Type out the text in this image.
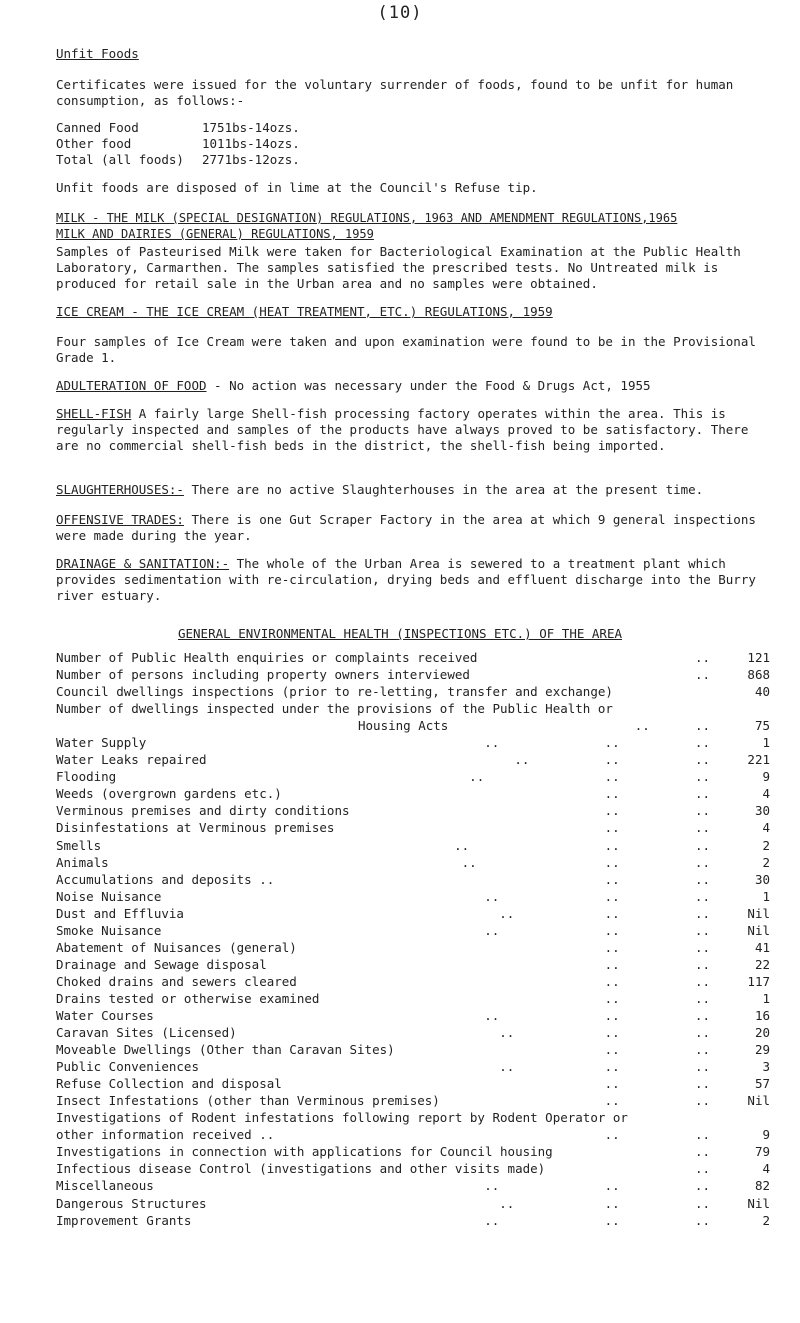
(10)
Unfit Foods

Certificates were issued for the voluntary surrender of foods, found to be unfit for human consumption, as follows:-

Canned Food	1751bs-14ozs.
Other food	1011bs-14ozs.
Total (all foods)	2771bs-12ozs.

Unfit foods are disposed of in lime at the Council's Refuse tip.

MILK - THE MILK (SPECIAL DESIGNATION) REGULATIONS, 1963 AND AMENDMENT REGULATIONS,1965
MILK AND DAIRIES (GENERAL) REGULATIONS, 1959

Samples of Pasteurised Milk were taken for Bacteriological Examination at the Public Health Laboratory, Carmarthen. The samples satisfied the prescribed tests. No Untreated milk is produced for retail sale in the Urban area and no samples were obtained.

ICE CREAM - THE ICE CREAM (HEAT TREATMENT, ETC.) REGULATIONS, 1959

Four samples of Ice Cream were taken and upon examination were found to be in the Provisional Grade 1.

ADULTERATION OF FOOD - No action was necessary under the Food & Drugs Act, 1955

SHELL-FISH A fairly large Shell-fish processing factory operates within the area. This is regularly inspected and samples of the products have always proved to be satisfactory. There are no commercial shell-fish beds in the district, the shell-fish being imported.

SLAUGHTERHOUSES:- There are no active Slaughterhouses in the area at the present time.

OFFENSIVE TRADES: There is one Gut Scraper Factory in the area at which 9 general inspections were made during the year.

DRAINAGE & SANITATION:- The whole of the Urban Area is sewered to a treatment plant which provides sedimentation with re-circulation, drying beds and effluent discharge into the Burry river estuary.

GENERAL ENVIRONMENTAL HEALTH (INSPECTIONS ETC.) OF THE AREA
Number of Public Health enquiries or complaints received	..	121
Number of persons including property owners interviewed	..	868
Council dwellings inspections (prior to re-letting, transfer and exchange)	40
Number of dwellings inspected under the provisions of the Public Health or
Housing Acts	..      ..	75
Water Supply	..              ..          ..	1
Water Leaks repaired	..          ..          ..	221
Flooding	..                ..          ..	9
Weeds (overgrown gardens etc.)	..          ..	4
Verminous premises and dirty conditions	..          ..	30
Disinfestations at Verminous premises	..          ..	4
Smells	..                  ..          ..	2
Animals	..                 ..          ..	2
Accumulations and deposits ..	..          ..	30
Noise Nuisance	..              ..          ..	1
Dust and Effluvia	..            ..          ..	Nil
Smoke Nuisance	..              ..          ..	Nil
Abatement of Nuisances (general)	..          ..	41
Drainage and Sewage disposal	..          ..	22
Choked drains and sewers cleared	..          ..	117
Drains tested or otherwise examined	..          ..	1
Water Courses	..              ..          ..	16
Caravan Sites (Licensed)	..            ..          ..	20
Moveable Dwellings (Other than Caravan Sites)	..          ..	29
Public Conveniences	..            ..          ..	3
Refuse Collection and disposal	..          ..	57
Insect Infestations (other than Verminous premises)	..          ..	Nil
Investigations of Rodent infestations following report by Rodent Operator or
other information received ..	..          ..	9
Investigations in connection with applications for Council housing	..	79
Infectious disease Control (investigations and other visits made)	..	4
Miscellaneous	..              ..          ..	82
Dangerous Structures	..            ..          ..	Nil
Improvement Grants	..              ..          ..	2
